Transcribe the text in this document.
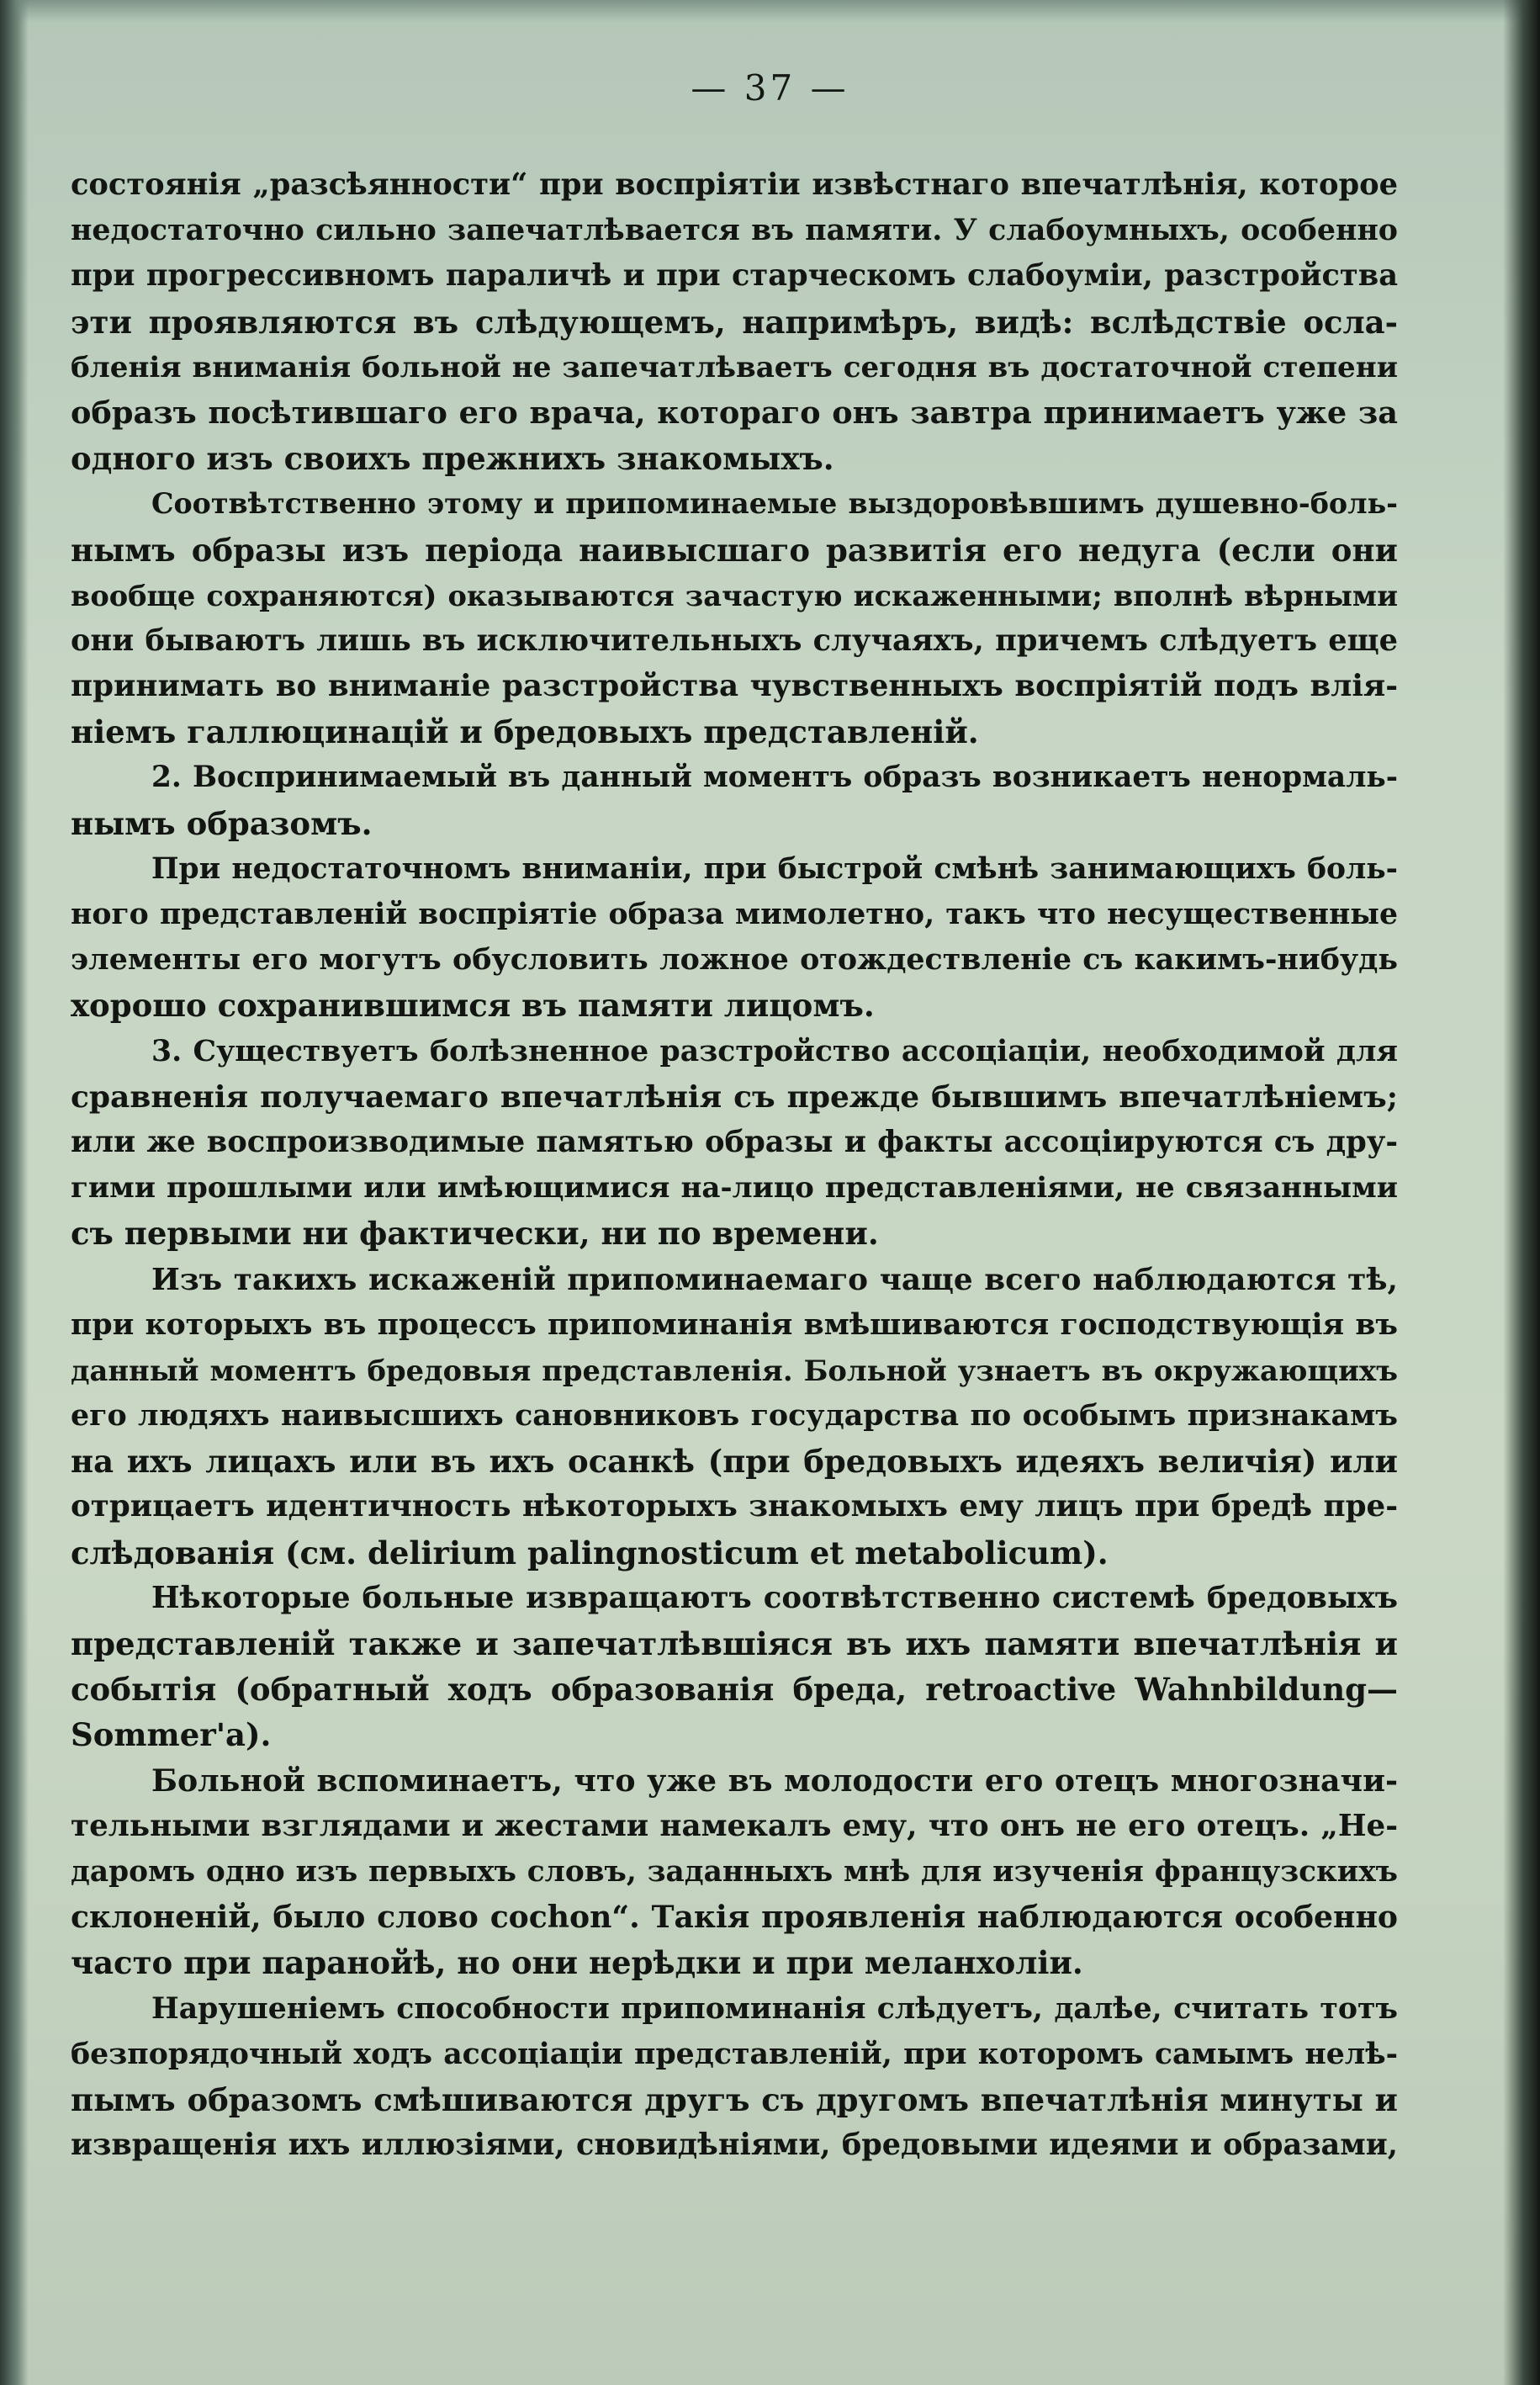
— 37 —
состоянія „разсѣянности“ при воспріятіи извѣстнаго впечатлѣнія, которое
недостаточно сильно запечатлѣвается въ памяти. У слабоумныхъ, особенно
при прогрессивномъ параличѣ и при старческомъ слабоуміи, разстройства
эти проявляются въ слѣдующемъ, напримѣръ, видѣ: вслѣдствіе осла-
бленія вниманія больной не запечатлѣваетъ сегодня въ достаточной степени
образъ посѣтившаго его врача, котораго онъ завтра принимаетъ уже за
одного изъ своихъ прежнихъ знакомыхъ.
Соотвѣтственно этому и припоминаемые выздоровѣвшимъ душевно-боль-
нымъ образы изъ періода наивысшаго развитія его недуга (если они
вообще сохраняются) оказываются зачастую искаженными; вполнѣ вѣрными
они бываютъ лишь въ исключительныхъ случаяхъ, причемъ слѣдуетъ еще
принимать во вниманіе разстройства чувственныхъ воспріятій подъ влія-
ніемъ галлюцинацій и бредовыхъ представленій.
2. Воспринимаемый въ данный моментъ образъ возникаетъ ненормаль-
нымъ образомъ.
При недостаточномъ вниманіи, при быстрой смѣнѣ занимающихъ боль-
ного представленій воспріятіе образа мимолетно, такъ что несущественные
элементы его могутъ обусловить ложное отождествленіе съ какимъ-нибудь
хорошо сохранившимся въ памяти лицомъ.
3. Существуетъ болѣзненное разстройство ассоціаціи, необходимой для
сравненія получаемаго впечатлѣнія съ прежде бывшимъ впечатлѣніемъ;
или же воспроизводимые памятью образы и факты ассоціируются съ дру-
гими прошлыми или имѣющимися на-лицо представленіями, не связанными
съ первыми ни фактически, ни по времени.
Изъ такихъ искаженій припоминаемаго чаще всего наблюдаются тѣ,
при которыхъ въ процессъ припоминанія вмѣшиваются господствующія въ
данный моментъ бредовыя представленія. Больной узнаетъ въ окружающихъ
его людяхъ наивысшихъ сановниковъ государства по особымъ признакамъ
на ихъ лицахъ или въ ихъ осанкѣ (при бредовыхъ идеяхъ величія) или
отрицаетъ идентичность нѣкоторыхъ знакомыхъ ему лицъ при бредѣ пре-
слѣдованія (см. delirium palingnosticum et metabolicum).
Нѣкоторые больные извращаютъ соотвѣтственно системѣ бредовыхъ
представленій также и запечатлѣвшіяся въ ихъ памяти впечатлѣнія и
событія (обратный ходъ образованія бреда, retroactive Wahnbildung—
Sommer'а).
Больной вспоминаетъ, что уже въ молодости его отецъ многозначи-
тельными взглядами и жестами намекалъ ему, что онъ не его отецъ. „Не-
даромъ одно изъ первыхъ словъ, заданныхъ мнѣ для изученія французскихъ
склоненій, было слово cochon“. Такія проявленія наблюдаются особенно
часто при паранойѣ, но они нерѣдки и при меланхоліи.
Нарушеніемъ способности припоминанія слѣдуетъ, далѣе, считать тотъ
безпорядочный ходъ ассоціаціи представленій, при которомъ самымъ нелѣ-
пымъ образомъ смѣшиваются другъ съ другомъ впечатлѣнія минуты и
извращенія ихъ иллюзіями, сновидѣніями, бредовыми идеями и образами,
